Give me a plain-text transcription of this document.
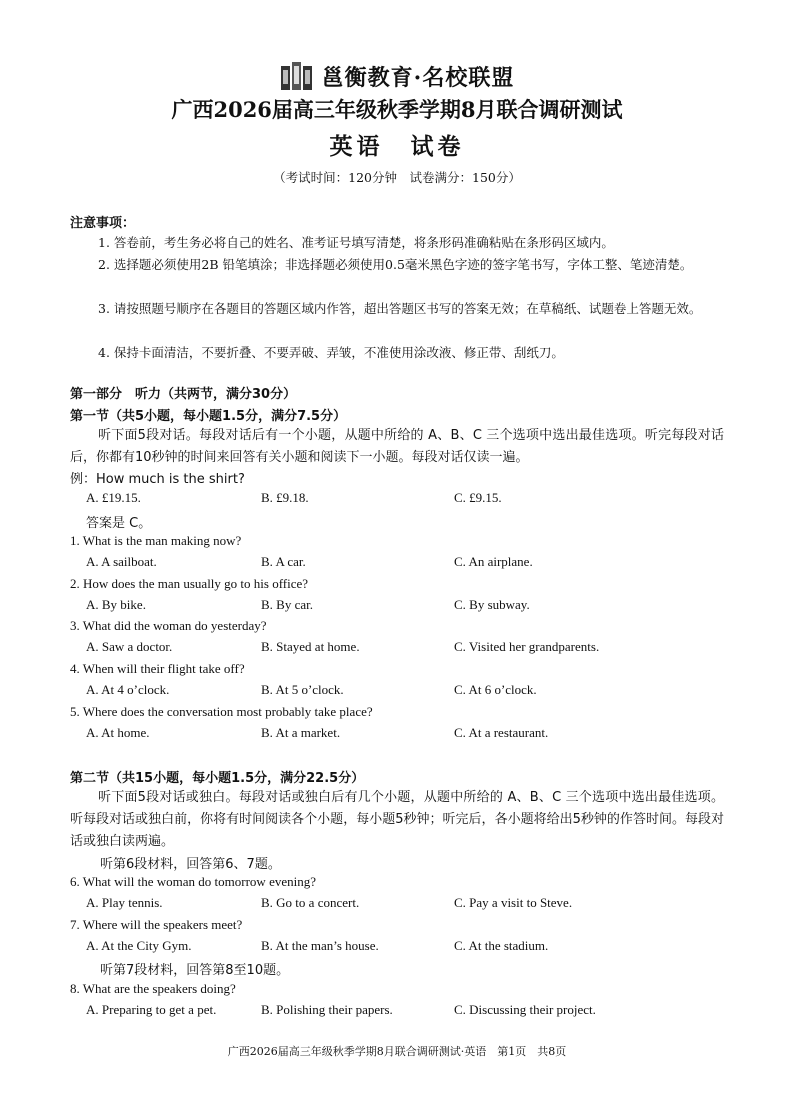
邕衡教育·名校联盟
广西2026届高三年级秋季学期8月联合调研测试
英语　试卷
（考试时间：120分钟　试卷满分：150分）
注意事项：
1. 答卷前，考生务必将自己的姓名、准考证号填写清楚，将条形码准确粘贴在条形码区域内。
2. 选择题必须使用2B 铅笔填涂；非选择题必须使用0.5毫米黑色字迹的签字笔书写，字体工整、笔迹清楚。
3. 请按照题号顺序在各题目的答题区域内作答，超出答题区书写的答案无效；在草稿纸、试题卷上答题无效。
4. 保持卡面清洁，不要折叠、不要弄破、弄皱，不准使用涂改液、修正带、刮纸刀。
第一部分　听力（共两节，满分30分）
第一节（共5小题，每小题1.5分，满分7.5分）
听下面5段对话。每段对话后有一个小题，从题中所给的 A、B、C 三个选项中选出最佳选项。听完每段对话后，你都有10秒钟的时间来回答有关小题和阅读下一小题。每段对话仅读一遍。
例：How much is the shirt?
A. £19.15.	B. £9.18.	C. £9.15.
答案是 C。
1. What is the man making now?
A. A sailboat.	B. A car.	C. An airplane.
2. How does the man usually go to his office?
A. By bike.	B. By car.	C. By subway.
3. What did the woman do yesterday?
A. Saw a doctor.	B. Stayed at home.	C. Visited her grandparents.
4. When will their flight take off?
A. At 4 o’clock.	B. At 5 o’clock.	C. At 6 o’clock.
5. Where does the conversation most probably take place?
A. At home.	B. At a market.	C. At a restaurant.
第二节（共15小题，每小题1.5分，满分22.5分）
听下面5段对话或独白。每段对话或独白后有几个小题，从题中所给的 A、B、C 三个选项中选出最佳选项。听每段对话或独白前，你将有时间阅读各个小题，每小题5秒钟；听完后，各小题将给出5秒钟的作答时间。每段对话或独白读两遍。
听第6段材料，回答第6、7题。
6. What will the woman do tomorrow evening?
A. Play tennis.	B. Go to a concert.	C. Pay a visit to Steve.
7. Where will the speakers meet?
A. At the City Gym.	B. At the man’s house.	C. At the stadium.
听第7段材料，回答第8至10题。
8. What are the speakers doing?
A. Preparing to get a pet.	B. Polishing their papers.	C. Discussing their project.
广西2026届高三年级秋季学期8月联合调研测试·英语　第1页　共8页
